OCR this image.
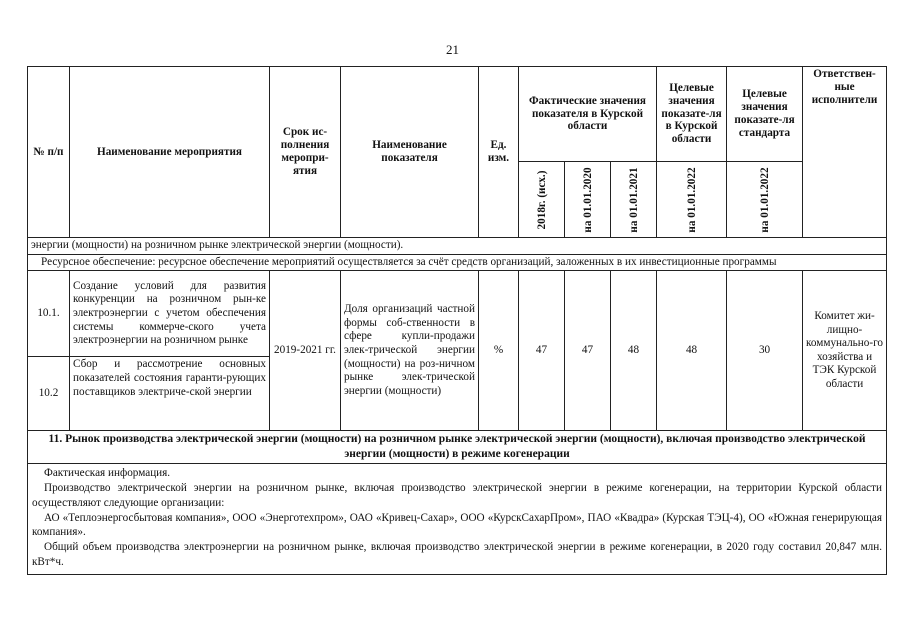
21
№ п/п	Наименование мероприятия	Срок ис-полнения меропри-ятия	Наименование показателя	Ед. изм.	Фактические значения показателя в Курской области			Целевые значения показате-ля в Курской области	Целевые значения показате-ля стандарта	Ответствен-ные исполнители

					2018г. (исх.)	на 01.01.2020	на 01.01.2021	на 01.01.2022	на 01.01.2022	

энергии (мощности) на розничном рынке электрической энергии (мощности).										
Ресурсное обеспечение: ресурсное обеспечение мероприятий осуществляется за счёт средств организаций, заложенных в их инвестиционные программы										
10.1.	Создание условий для развития конкуренции на розничном рын-ке электроэнергии с учетом обеспечения системы коммерче-ского учета электроэнергии на розничном рынке	2019-2021 гг.	Доля организаций частной формы соб-ственности в сфере купли-продажи элек-трической энергии (мощности) на роз-ничном рынке элек-трической энергии (мощности)	%	47	47	48	48	30	Комитет жи-лищно-коммунально-го хозяйства и ТЭК Курской области
10.2	Сбор и рассмотрение основных показателей состояния гаранти-рующих поставщиков электриче-ской энергии									
11. Рынок производства электрической энергии (мощности) на розничном рынке электрической энергии (мощности), включая производство электрической энергии (мощности) в режиме когенерации										

Фактическая информация.

Производство электрической энергии на розничном рынке, включая производство электрической энергии в режиме когенерации, на территории Курской области осуществляют следующие организации:

АО «Теплоэнергосбытовая компания», ООО «Энерготехпром», ОАО «Кривец-Сахар», ООО «КурскСахарПром», ПАО «Квадра» (Курская ТЭЦ-4), ОО «Южная генерирующая компания».

Общий объем производства электроэнергии на розничном рынке, включая производство электрической энергии в режиме когенерации, в 2020 году составил 20,847 млн. кВт*ч.										
